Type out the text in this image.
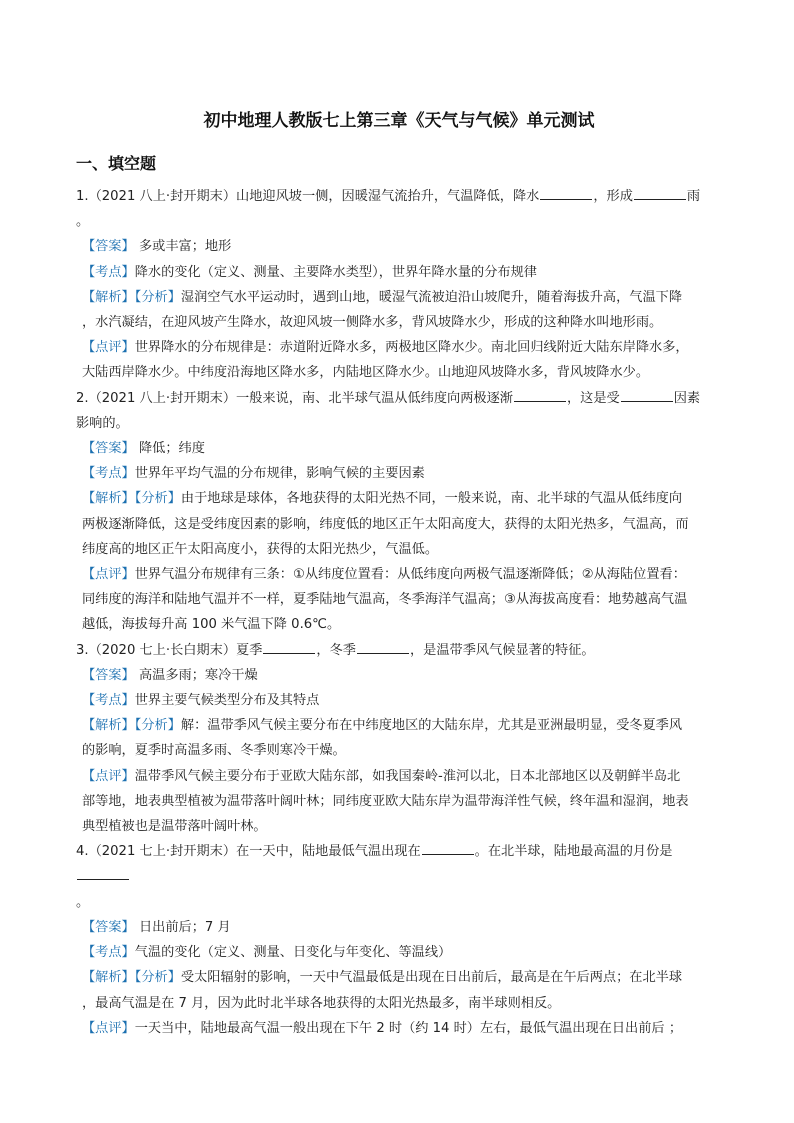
初中地理人教版七上第三章《天气与气候》单元测试
一、填空题

1.（2021 八上·封开期末）山地迎风坡一侧，因暖湿气流抬升，气温降低，降水	，形成	雨

。

【答案】 多或丰富；地形

【考点】降水的变化（定义、测量、主要降水类型），世界年降水量的分布规律

【解析】【分析】湿润空气水平运动时，遇到山地，暖湿气流被迫沿山坡爬升，随着海拔升高，气温下降

，水汽凝结，在迎风坡产生降水，故迎风坡一侧降水多，背风坡降水少，形成的这种降水叫地形雨。

【点评】世界降水的分布规律是：赤道附近降水多，两极地区降水少。南北回归线附近大陆东岸降水多，

大陆西岸降水少。中纬度沿海地区降水多，内陆地区降水少。山地迎风坡降水多，背风坡降水少。

2.（2021 八上·封开期末）一般来说，南、北半球气温从低纬度向两极逐渐	，这是受	因素

影响的。

【答案】 降低；纬度

【考点】世界年平均气温的分布规律，影响气候的主要因素

【解析】【分析】由于地球是球体，各地获得的太阳光热不同，一般来说，南、北半球的气温从低纬度向

两极逐渐降低，这是受纬度因素的影响，纬度低的地区正午太阳高度大，获得的太阳光热多，气温高，而

纬度高的地区正午太阳高度小，获得的太阳光热少，气温低。

【点评】世界气温分布规律有三条：①从纬度位置看：从低纬度向两极气温逐渐降低；②从海陆位置看：

同纬度的海洋和陆地气温并不一样，夏季陆地气温高，冬季海洋气温高；③从海拔高度看：地势越高气温

越低，海拔每升高 100 米气温下降 0.6℃。

3.（2020 七上·长白期末）夏季	，冬季	，是温带季风气候显著的特征。

【答案】 高温多雨；寒冷干燥

【考点】世界主要气候类型分布及其特点

【解析】【分析】解：温带季风气候主要分布在中纬度地区的大陆东岸，尤其是亚洲最明显，受冬夏季风

的影响，夏季时高温多雨、冬季则寒冷干燥。

【点评】温带季风气候主要分布于亚欧大陆东部，如我国秦岭-淮河以北，日本北部地区以及朝鲜半岛北

部等地，地表典型植被为温带落叶阔叶林；同纬度亚欧大陆东岸为温带海洋性气候，终年温和湿润，地表

典型植被也是温带落叶阔叶林。

4.（2021 七上·封开期末）在一天中，陆地最低气温出现在	。在北半球，陆地最高温的月份是

。

【答案】 日出前后；7 月

【考点】气温的变化（定义、测量、日变化与年变化、等温线）

【解析】【分析】受太阳辐射的影响，一天中气温最低是出现在日出前后，最高是在午后两点；在北半球

，最高气温是在 7 月，因为此时北半球各地获得的太阳光热最多，南半球则相反。

【点评】一天当中，陆地最高气温一般出现在下午 2 时（约 14 时）左右，最低气温出现在日出前后 ；
